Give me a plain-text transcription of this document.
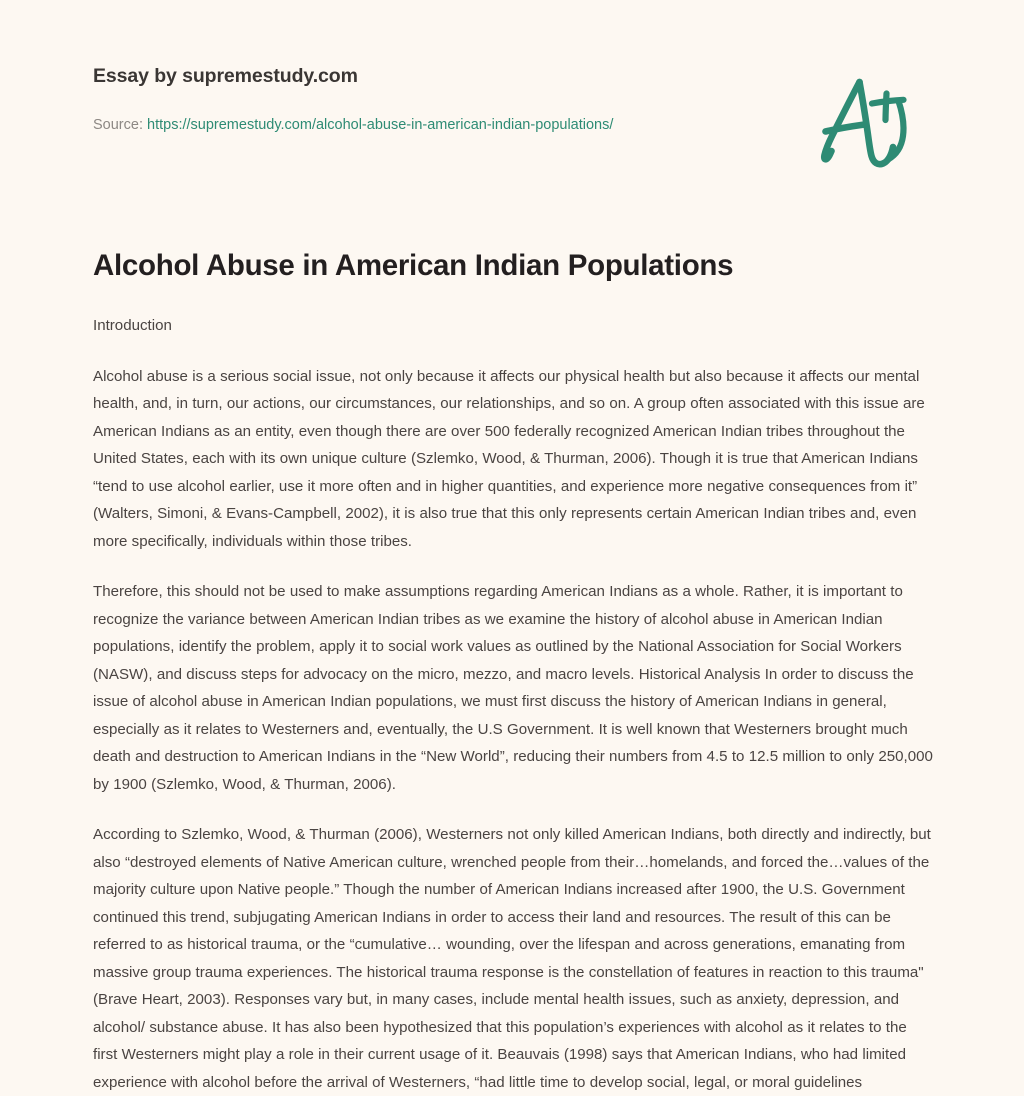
Essay by supremestudy.com
Source: https://supremestudy.com/alcohol-abuse-in-american-indian-populations/
Alcohol Abuse in American Indian Populations

Introduction

Alcohol abuse is a serious social issue, not only because it affects our physical health but also because it affects our mental health, and, in turn, our actions, our circumstances, our relationships, and so on. A group often associated with this issue are American Indians as an entity, even though there are over 500 federally recognized American Indian tribes throughout the United States, each with its own unique culture (Szlemko, Wood, & Thurman, 2006). Though it is true that American Indians “tend to use alcohol earlier, use it more often and in higher quantities, and experience more negative consequences from it” (Walters, Simoni, & Evans-Campbell, 2002), it is also true that this only represents certain American Indian tribes and, even more specifically, individuals within those tribes.

Therefore, this should not be used to make assumptions regarding American Indians as a whole. Rather, it is important to recognize the variance between American Indian tribes as we examine the history of alcohol abuse in American Indian populations, identify the problem, apply it to social work values as outlined by the National Association for Social Workers (NASW), and discuss steps for advocacy on the micro, mezzo, and macro levels. Historical Analysis In order to discuss the issue of alcohol abuse in American Indian populations, we must first discuss the history of American Indians in general, especially as it relates to Westerners and, eventually, the U.S Government. It is well known that Westerners brought much death and destruction to American Indians in the “New World”, reducing their numbers from 4.5 to 12.5 million to only 250,000 by 1900 (Szlemko, Wood, & Thurman, 2006).

According to Szlemko, Wood, & Thurman (2006), Westerners not only killed American Indians, both directly and indirectly, but also “destroyed elements of Native American culture, wrenched people from their…homelands, and forced the…values of the majority culture upon Native people.” Though the number of American Indians increased after 1900, the U.S. Government continued this trend, subjugating American Indians in order to access their land and resources. The result of this can be referred to as historical trauma, or the “cumulative… wounding, over the lifespan and across generations, emanating from massive group trauma experiences. The historical trauma response is the constellation of features in reaction to this trauma" (Brave Heart, 2003). Responses vary but, in many cases, include mental health issues, such as anxiety, depression, and alcohol/ substance abuse. It has also been hypothesized that this population’s experiences with alcohol as it relates to the first Westerners might play a role in their current usage of it. Beauvais (1998) says that American Indians, who had limited experience with alcohol before the arrival of Westerners, “had little time to develop social, legal, or moral guidelines
